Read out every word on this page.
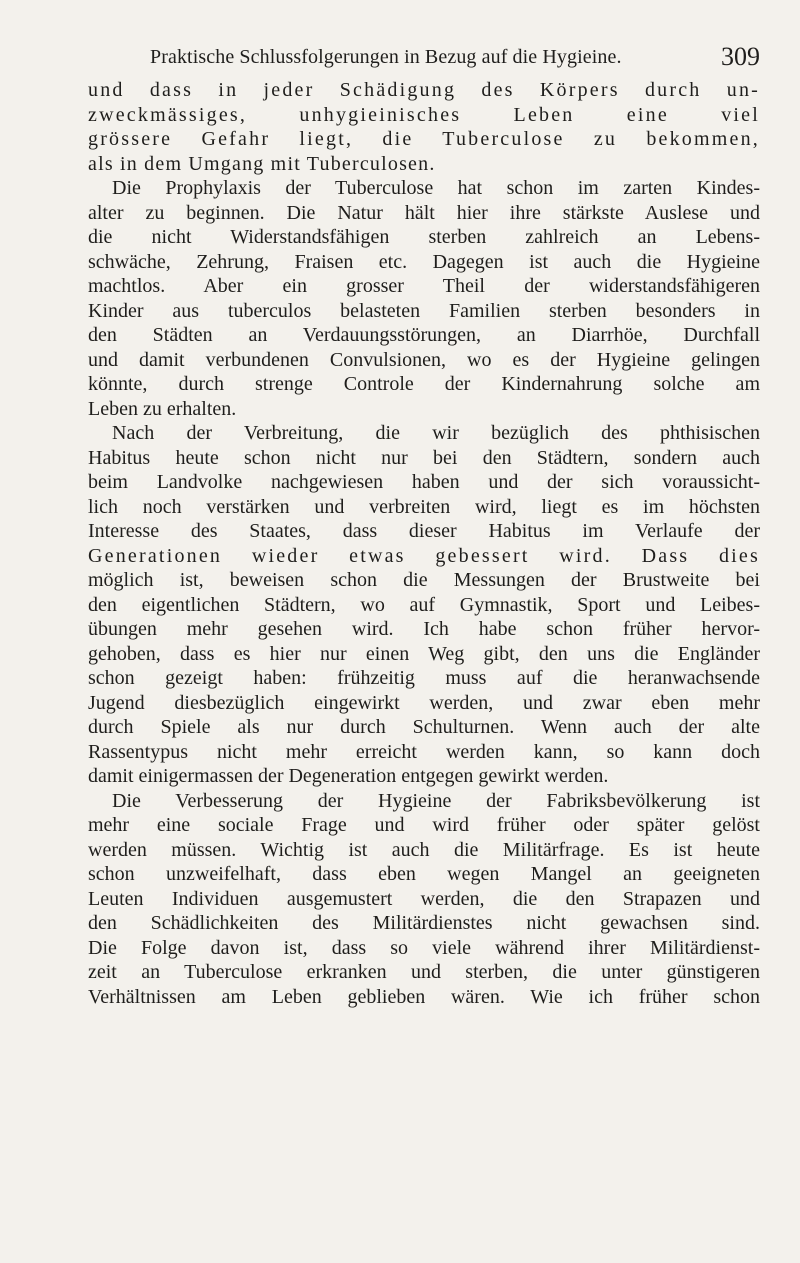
Praktische Schlussfolgerungen in Bezug auf die Hygieine.	309
und dass in jeder Schädigung des Körpers durch un-
zweckmässiges, unhygieinisches Leben eine viel
grössere Gefahr liegt, die Tuberculose zu bekommen,
als in dem Umgang mit Tuberculosen.
Die Prophylaxis der Tuberculose hat schon im zarten Kindes-
alter zu beginnen. Die Natur hält hier ihre stärkste Auslese und
die nicht Widerstandsfähigen sterben zahlreich an Lebens-
schwäche, Zehrung, Fraisen etc. Dagegen ist auch die Hygieine
machtlos. Aber ein grosser Theil der widerstandsfähigeren
Kinder aus tuberculos belasteten Familien sterben besonders in
den Städten an Verdauungsstörungen, an Diarrhöe, Durchfall
und damit verbundenen Convulsionen, wo es der Hygieine gelingen
könnte, durch strenge Controle der Kindernahrung solche am
Leben zu erhalten.
Nach der Verbreitung, die wir bezüglich des phthisischen
Habitus heute schon nicht nur bei den Städtern, sondern auch
beim Landvolke nachgewiesen haben und der sich voraussicht-
lich noch verstärken und verbreiten wird, liegt es im höchsten
Interesse des Staates, dass dieser Habitus im Verlaufe der
Generationen wieder etwas gebessert wird. Dass dies
möglich ist, beweisen schon die Messungen der Brustweite bei
den eigentlichen Städtern, wo auf Gymnastik, Sport und Leibes-
übungen mehr gesehen wird. Ich habe schon früher hervor-
gehoben, dass es hier nur einen Weg gibt, den uns die Engländer
schon gezeigt haben: frühzeitig muss auf die heranwachsende
Jugend diesbezüglich eingewirkt werden, und zwar eben mehr
durch Spiele als nur durch Schulturnen. Wenn auch der alte
Rassentypus nicht mehr erreicht werden kann, so kann doch
damit einigermassen der Degeneration entgegen gewirkt werden.
Die Verbesserung der Hygieine der Fabriksbevölkerung ist
mehr eine sociale Frage und wird früher oder später gelöst
werden müssen. Wichtig ist auch die Militärfrage. Es ist heute
schon unzweifelhaft, dass eben wegen Mangel an geeigneten
Leuten Individuen ausgemustert werden, die den Strapazen und
den Schädlichkeiten des Militärdienstes nicht gewachsen sind.
Die Folge davon ist, dass so viele während ihrer Militärdienst-
zeit an Tuberculose erkranken und sterben, die unter günstigeren
Verhältnissen am Leben geblieben wären. Wie ich früher schon
